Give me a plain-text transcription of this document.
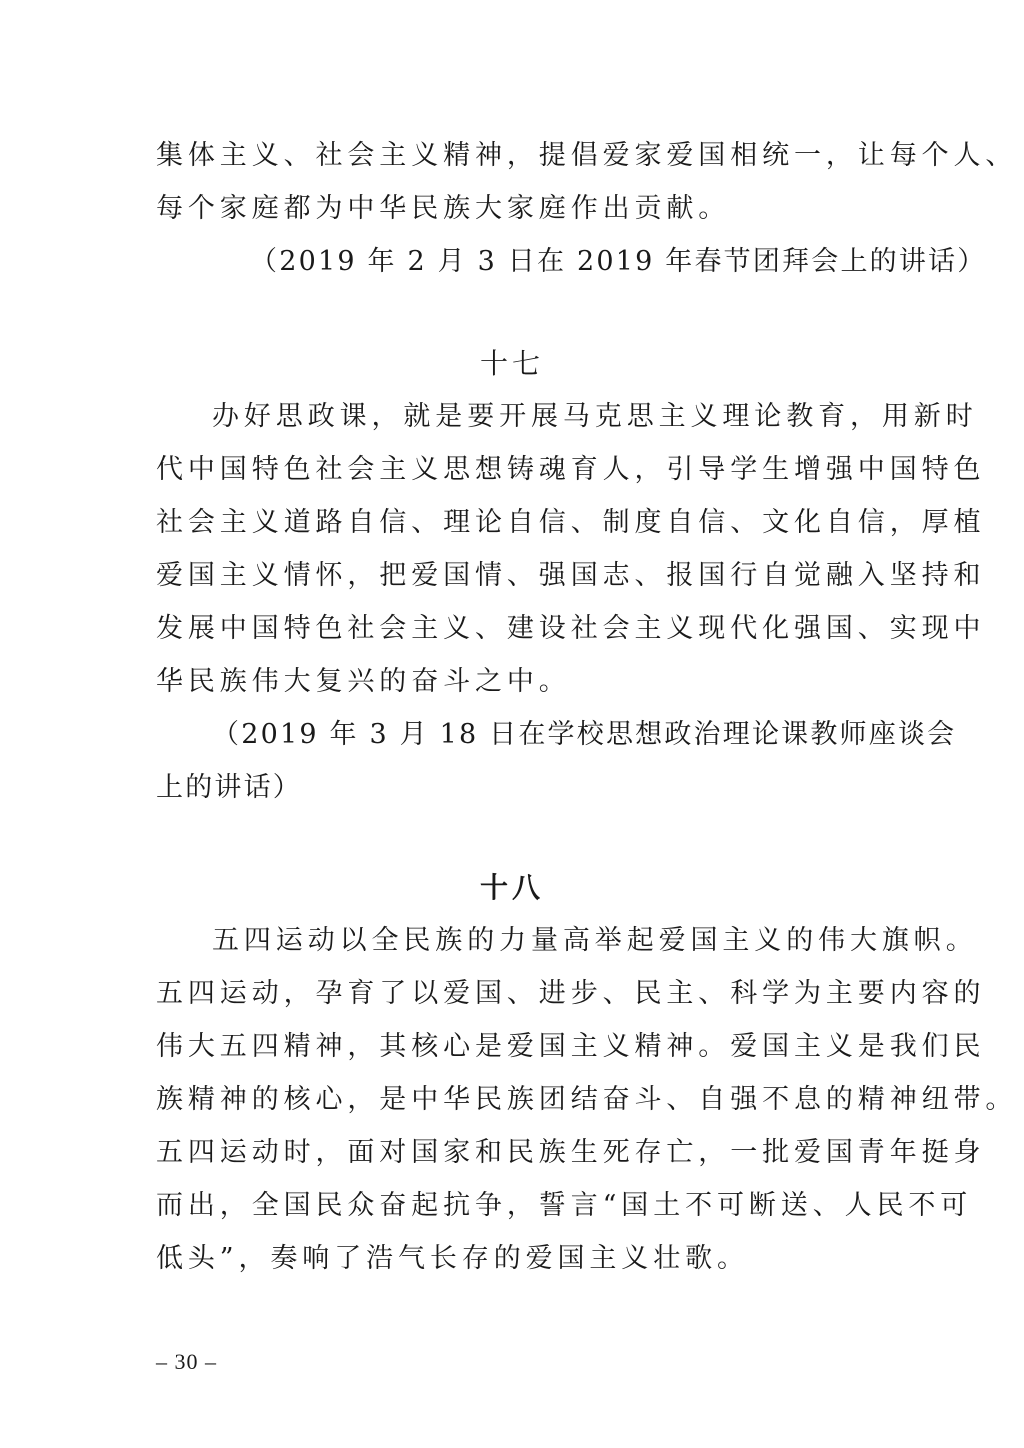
集体主义、社会主义精神，提倡爱家爱国相统一，让每个人、
每个家庭都为中华民族大家庭作出贡献。
（2019 年 2 月 3 日在 2019 年春节团拜会上的讲话）
十七
办好思政课，就是要开展马克思主义理论教育，用新时
代中国特色社会主义思想铸魂育人，引导学生增强中国特色
社会主义道路自信、理论自信、制度自信、文化自信，厚植
爱国主义情怀，把爱国情、强国志、报国行自觉融入坚持和
发展中国特色社会主义、建设社会主义现代化强国、实现中
华民族伟大复兴的奋斗之中。
（2019 年 3 月 18 日在学校思想政治理论课教师座谈会
上的讲话）
十八
五四运动以全民族的力量高举起爱国主义的伟大旗帜。
五四运动，孕育了以爱国、进步、民主、科学为主要内容的
伟大五四精神，其核心是爱国主义精神。爱国主义是我们民
族精神的核心，是中华民族团结奋斗、自强不息的精神纽带。
五四运动时，面对国家和民族生死存亡，一批爱国青年挺身
而出，全国民众奋起抗争，誓言“国土不可断送、人民不可
低头”，奏响了浩气长存的爱国主义壮歌。
– 30 –
